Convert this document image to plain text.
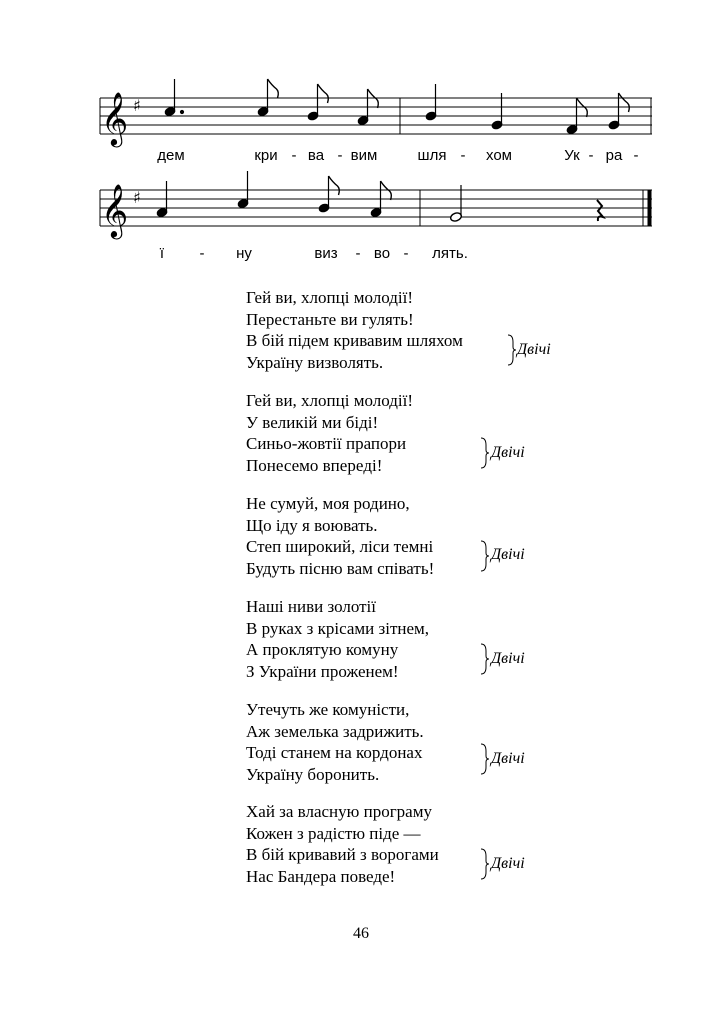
𝄞 ♯
𝄞 ♯
дем	кри - ва - вим	шля - хом	Ук - ра -
ї - ну	виз - во - лять.
Гей ви, хлопці молодії!
Перестаньте ви гулять!
В бій підем кривавим шляхом
Україну визволять.
Двічі
Гей ви, хлопці молодії!
У великій ми біді!
Синьо-жовтії прапори
Понесемо вперeді!
Двічі
Не сумуй, моя родино,
Що іду я воювать.
Степ широкий, ліси темні
Будуть пісню вам співать!
Двічі
Наші ниви золотії
В руках з крісами зітнем,
А проклятую комуну
З України проженем!
Двічі
Утечуть же комуністи,
Аж земелька задрижить.
Тоді станем на кордонах
Україну боронить.
Двічі
Хай за власную програму
Кожен з радістю піде —
В бій кривавий з ворогами
Нас Бандера поведе!
Двічі
46
